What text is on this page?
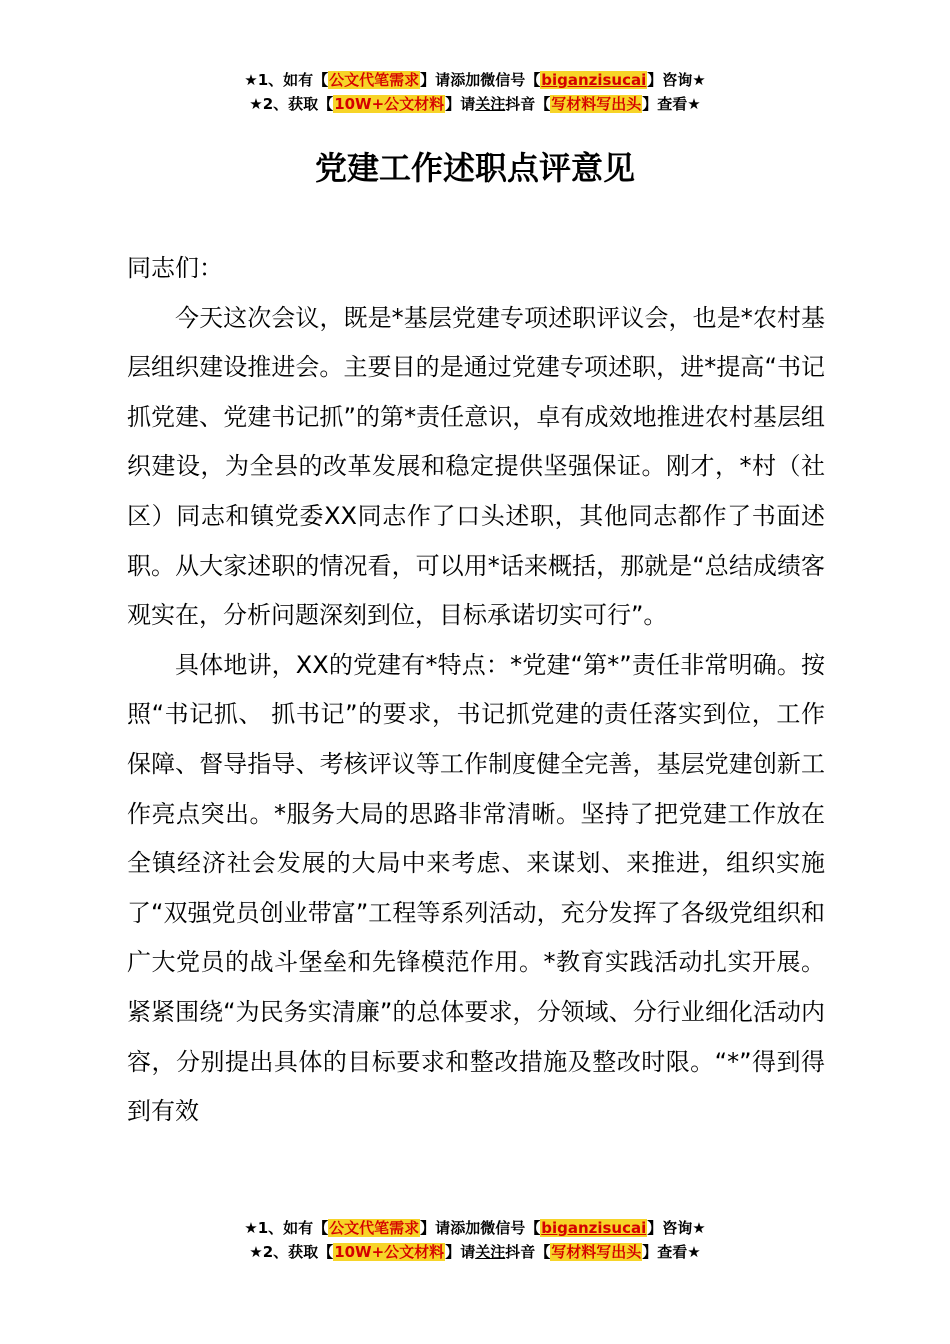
★1、如有【公文代笔需求】请添加微信号【biganzisucai】咨询★
★2、获取【10W+公文材料】请关注抖音【写材料写出头】查看★
党建工作述职点评意见

同志们：

今天这次会议，既是*基层党建专项述职评议会，也是*农村基层组织建设推进会。主要目的是通过党建专项述职，进*提高“书记抓党建、党建书记抓”的第*责任意识，卓有成效地推进农村基层组织建设，为全县的改革发展和稳定提供坚强保证。刚才，*村（社区）同志和镇党委XX同志作了口头述职，其他同志都作了书面述职。从大家述职的情况看，可以用*话来概括，那就是“总结成绩客观实在，分析问题深刻到位，目标承诺切实可行”。

具体地讲，XX的党建有*特点：*党建“第*”责任非常明确。按照“书记抓、 抓书记”的要求，书记抓党建的责任落实到位，工作保障、督导指导、考核评议等工作制度健全完善，基层党建创新工作亮点突出。*服务大局的思路非常清晰。坚持了把党建工作放在全镇经济社会发展的大局中来考虑、来谋划、来推进，组织实施了“双强党员创业带富”工程等系列活动，充分发挥了各级党组织和广大党员的战斗堡垒和先锋模范作用。*教育实践活动扎实开展。紧紧围绕“为民务实清廉”的总体要求，分领域、分行业细化活动内容，分别提出具体的目标要求和整改措施及整改时限。“*”得到得到有效

★1、如有【公文代笔需求】请添加微信号【biganzisucai】咨询★
★2、获取【10W+公文材料】请关注抖音【写材料写出头】查看★
